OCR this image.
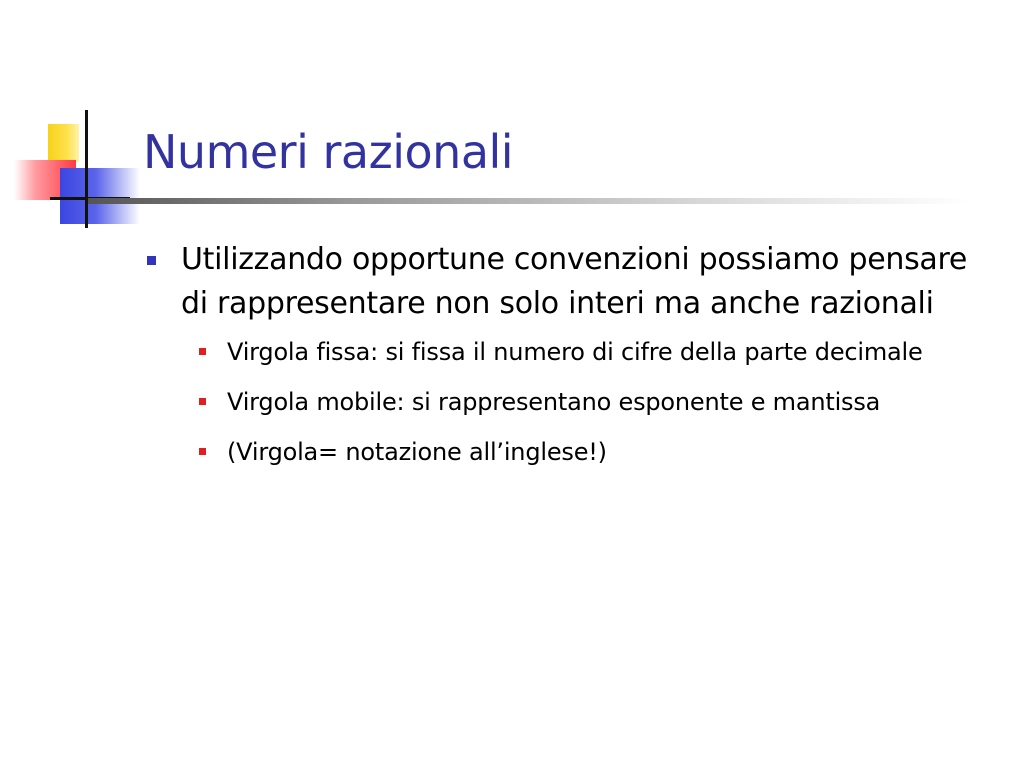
Numeri razionali
Utilizzando opportune convenzioni possiamo pensare di rappresentare non solo interi ma anche razionali
Virgola fissa: si fissa il numero di cifre della parte decimale
Virgola mobile: si rappresentano esponente e mantissa
(Virgola= notazione all’inglese!)
